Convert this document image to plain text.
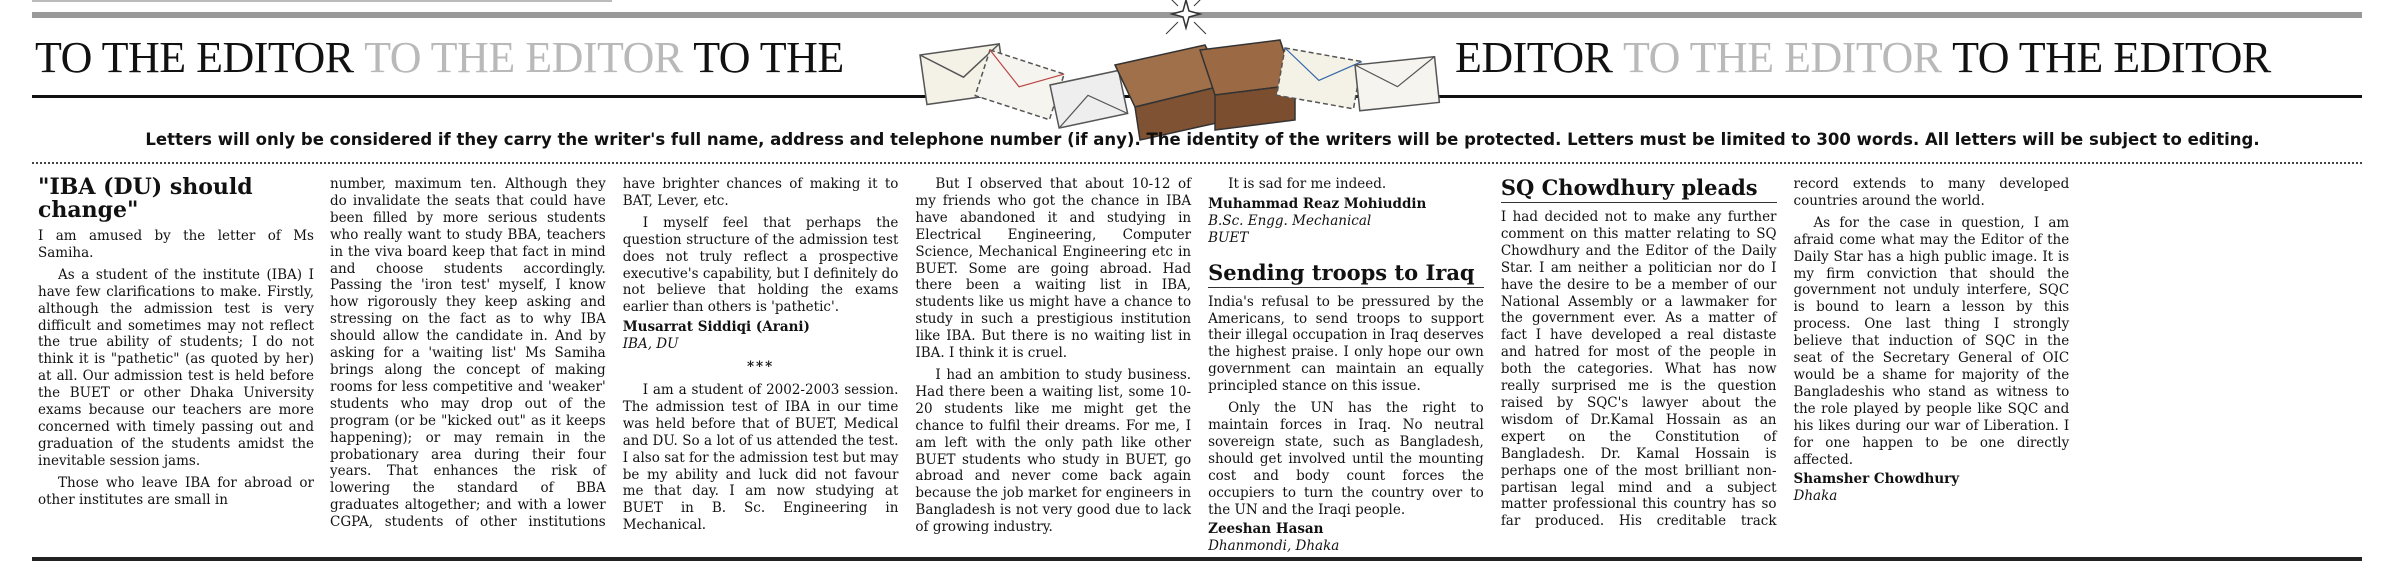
TO THE EDITOR
TO THE EDITOR
TO THE	EDITOR
TO THE EDITOR
TO THE EDITOR
Letters will only be considered if they carry the writer's full name, address and telephone number (if any). The identity of the writers will be protected. Letters must be limited to 300 words. All letters will be subject to editing.
"IBA (DU) should change"

I am amused by the letter of Ms Samiha.

As a student of the institute (IBA) I have few clarifications to make. Firstly, although the admission test is very difficult and sometimes may not reflect the true ability of students; I do not think it is "pathetic" (as quoted by her) at all. Our admission test is held before the BUET or other Dhaka University exams because our teachers are more concerned with timely passing out and graduation of the students amidst the inevitable session jams.

Those who leave IBA for abroad or other institutes are small in

number, maximum ten. Although they do invalidate the seats that could have been filled by more serious students who really want to study BBA, teachers in the viva board keep that fact in mind and choose students accordingly. Passing the 'iron test' myself, I know how rigorously they keep asking and stressing on the fact as to why IBA should allow the candidate in. And by asking for a 'waiting list' Ms Samiha brings along the concept of making rooms for less competitive and 'weaker' students who may drop out of the program (or be "kicked out" as it keeps happening); or may remain in the probationary area during their four years. That enhances the risk of lowering the standard of BBA graduates altogether; and with a lower CGPA, students of other institutions have brighter chances of making it to BAT, Lever, etc.

I myself feel that perhaps the question structure of the admission test does not truly reflect a prospective executive's capability, but I definitely do not believe that holding the exams earlier than others is 'pathetic'.

Musarrat Siddiqi (Arani)

IBA, DU

***

I am a student of 2002-2003 session. The admission test of IBA in our time was held before that of BUET, Medical and DU. So a lot of us attended the test. I also sat for the admission test but may be my ability and luck did not favour me that day. I am now studying at BUET in B. Sc. Engineering in Mechanical.

But I observed that about 10-12 of my friends who got the chance in IBA have abandoned it and studying in Electrical Engineering, Computer Science, Mechanical Engineering etc in BUET. Some are going abroad. Had there been a waiting list in IBA, students like us might have a chance to study in such a prestigious institution like IBA. But there is no waiting list in IBA. I think it is cruel.

I had an ambition to study business. Had there been a waiting list, some 10-20 students like me might get the chance to fulfil their dreams. For me, I am left with the only path like other BUET students who study in BUET, go abroad and never come back again because the job market for engineers in Bangladesh is not very good due to lack of growing industry.

It is sad for me indeed.

Muhammad Reaz Mohiuddin

B.Sc. Engg. Mechanical

BUET

Sending troops to Iraq

India's refusal to be pressured by the Americans, to send troops to support their illegal occupation in Iraq deserves the highest praise. I only hope our own government can maintain an equally principled stance on this issue.

Only the UN has the right to maintain forces in Iraq. No neutral sovereign state, such as Bangladesh, should get involved until the mounting cost and body count forces the occupiers to turn the country over to the UN and the Iraqi people.

Zeeshan Hasan

Dhanmondi, Dhaka

SQ Chowdhury pleads

I had decided not to make any further comment on this matter relating to SQ Chowdhury and the Editor of the Daily Star. I am neither a politician nor do I have the desire to be a member of our National Assembly or a lawmaker for the government ever. As a matter of fact I have developed a real distaste and hatred for most of the people in both the categories. What has now really surprised me is the question raised by SQC's lawyer about the wisdom of Dr.Kamal Hossain as an expert on the Constitution of Bangladesh. Dr. Kamal Hossain is perhaps one of the most brilliant non-partisan legal mind and a subject matter professional this country has so far produced. His creditable track record extends to many developed countries around the world.

As for the case in question, I am afraid come what may the Editor of the Daily Star has a high public image. It is my firm conviction that should the government not unduly interfere, SQC is bound to learn a lesson by this process. One last thing I strongly believe that induction of SQC in the seat of the Secretary General of OIC would be a shame for majority of the Bangladeshis who stand as witness to the role played by people like SQC and his likes during our war of Liberation. I for one happen to be one directly affected.

Shamsher Chowdhury

Dhaka
